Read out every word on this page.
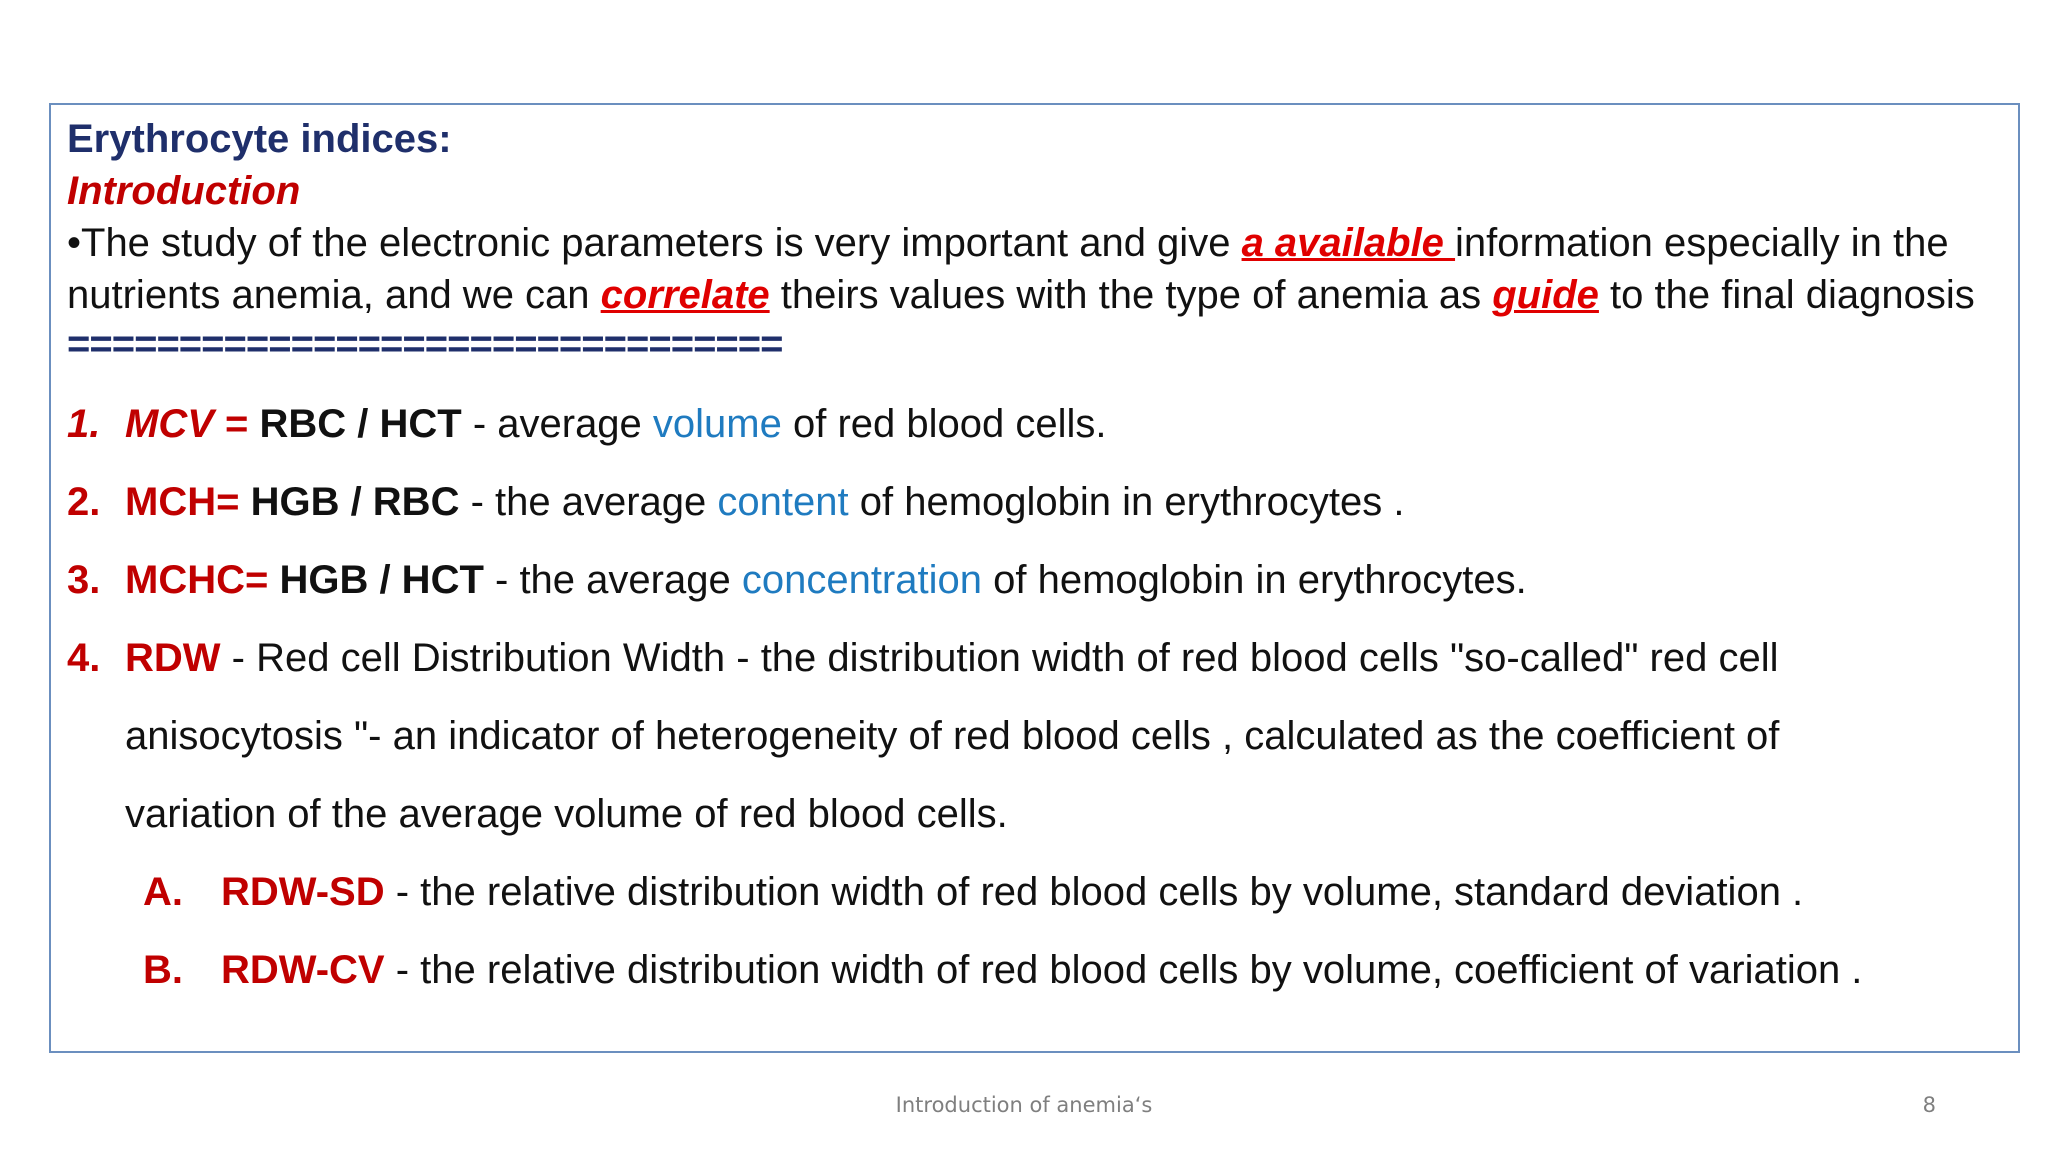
Erythrocyte indices:
Introduction
•The study of the electronic parameters is very important and give a available information especially in the nutrients anemia, and we can correlate theirs values with the type of anemia as guide to the final diagnosis
================================
1. MCV = RBC / HCT - average volume of red blood cells.
2. MCH= HGB / RBC - the average content of hemoglobin in erythrocytes .
3. MCHC= HGB / HCT - the average concentration of hemoglobin in erythrocytes.
4. RDW - Red cell Distribution Width - the distribution width of red blood cells "so-called" red cell
anisocytosis "- an indicator of heterogeneity of red blood cells , calculated as the coefficient of
variation of the average volume of red blood cells.
A. RDW-SD - the relative distribution width of red blood cells by volume, standard deviation .
B. RDW-CV - the relative distribution width of red blood cells by volume, coefficient of variation .
Introduction of anemia‘s	8
